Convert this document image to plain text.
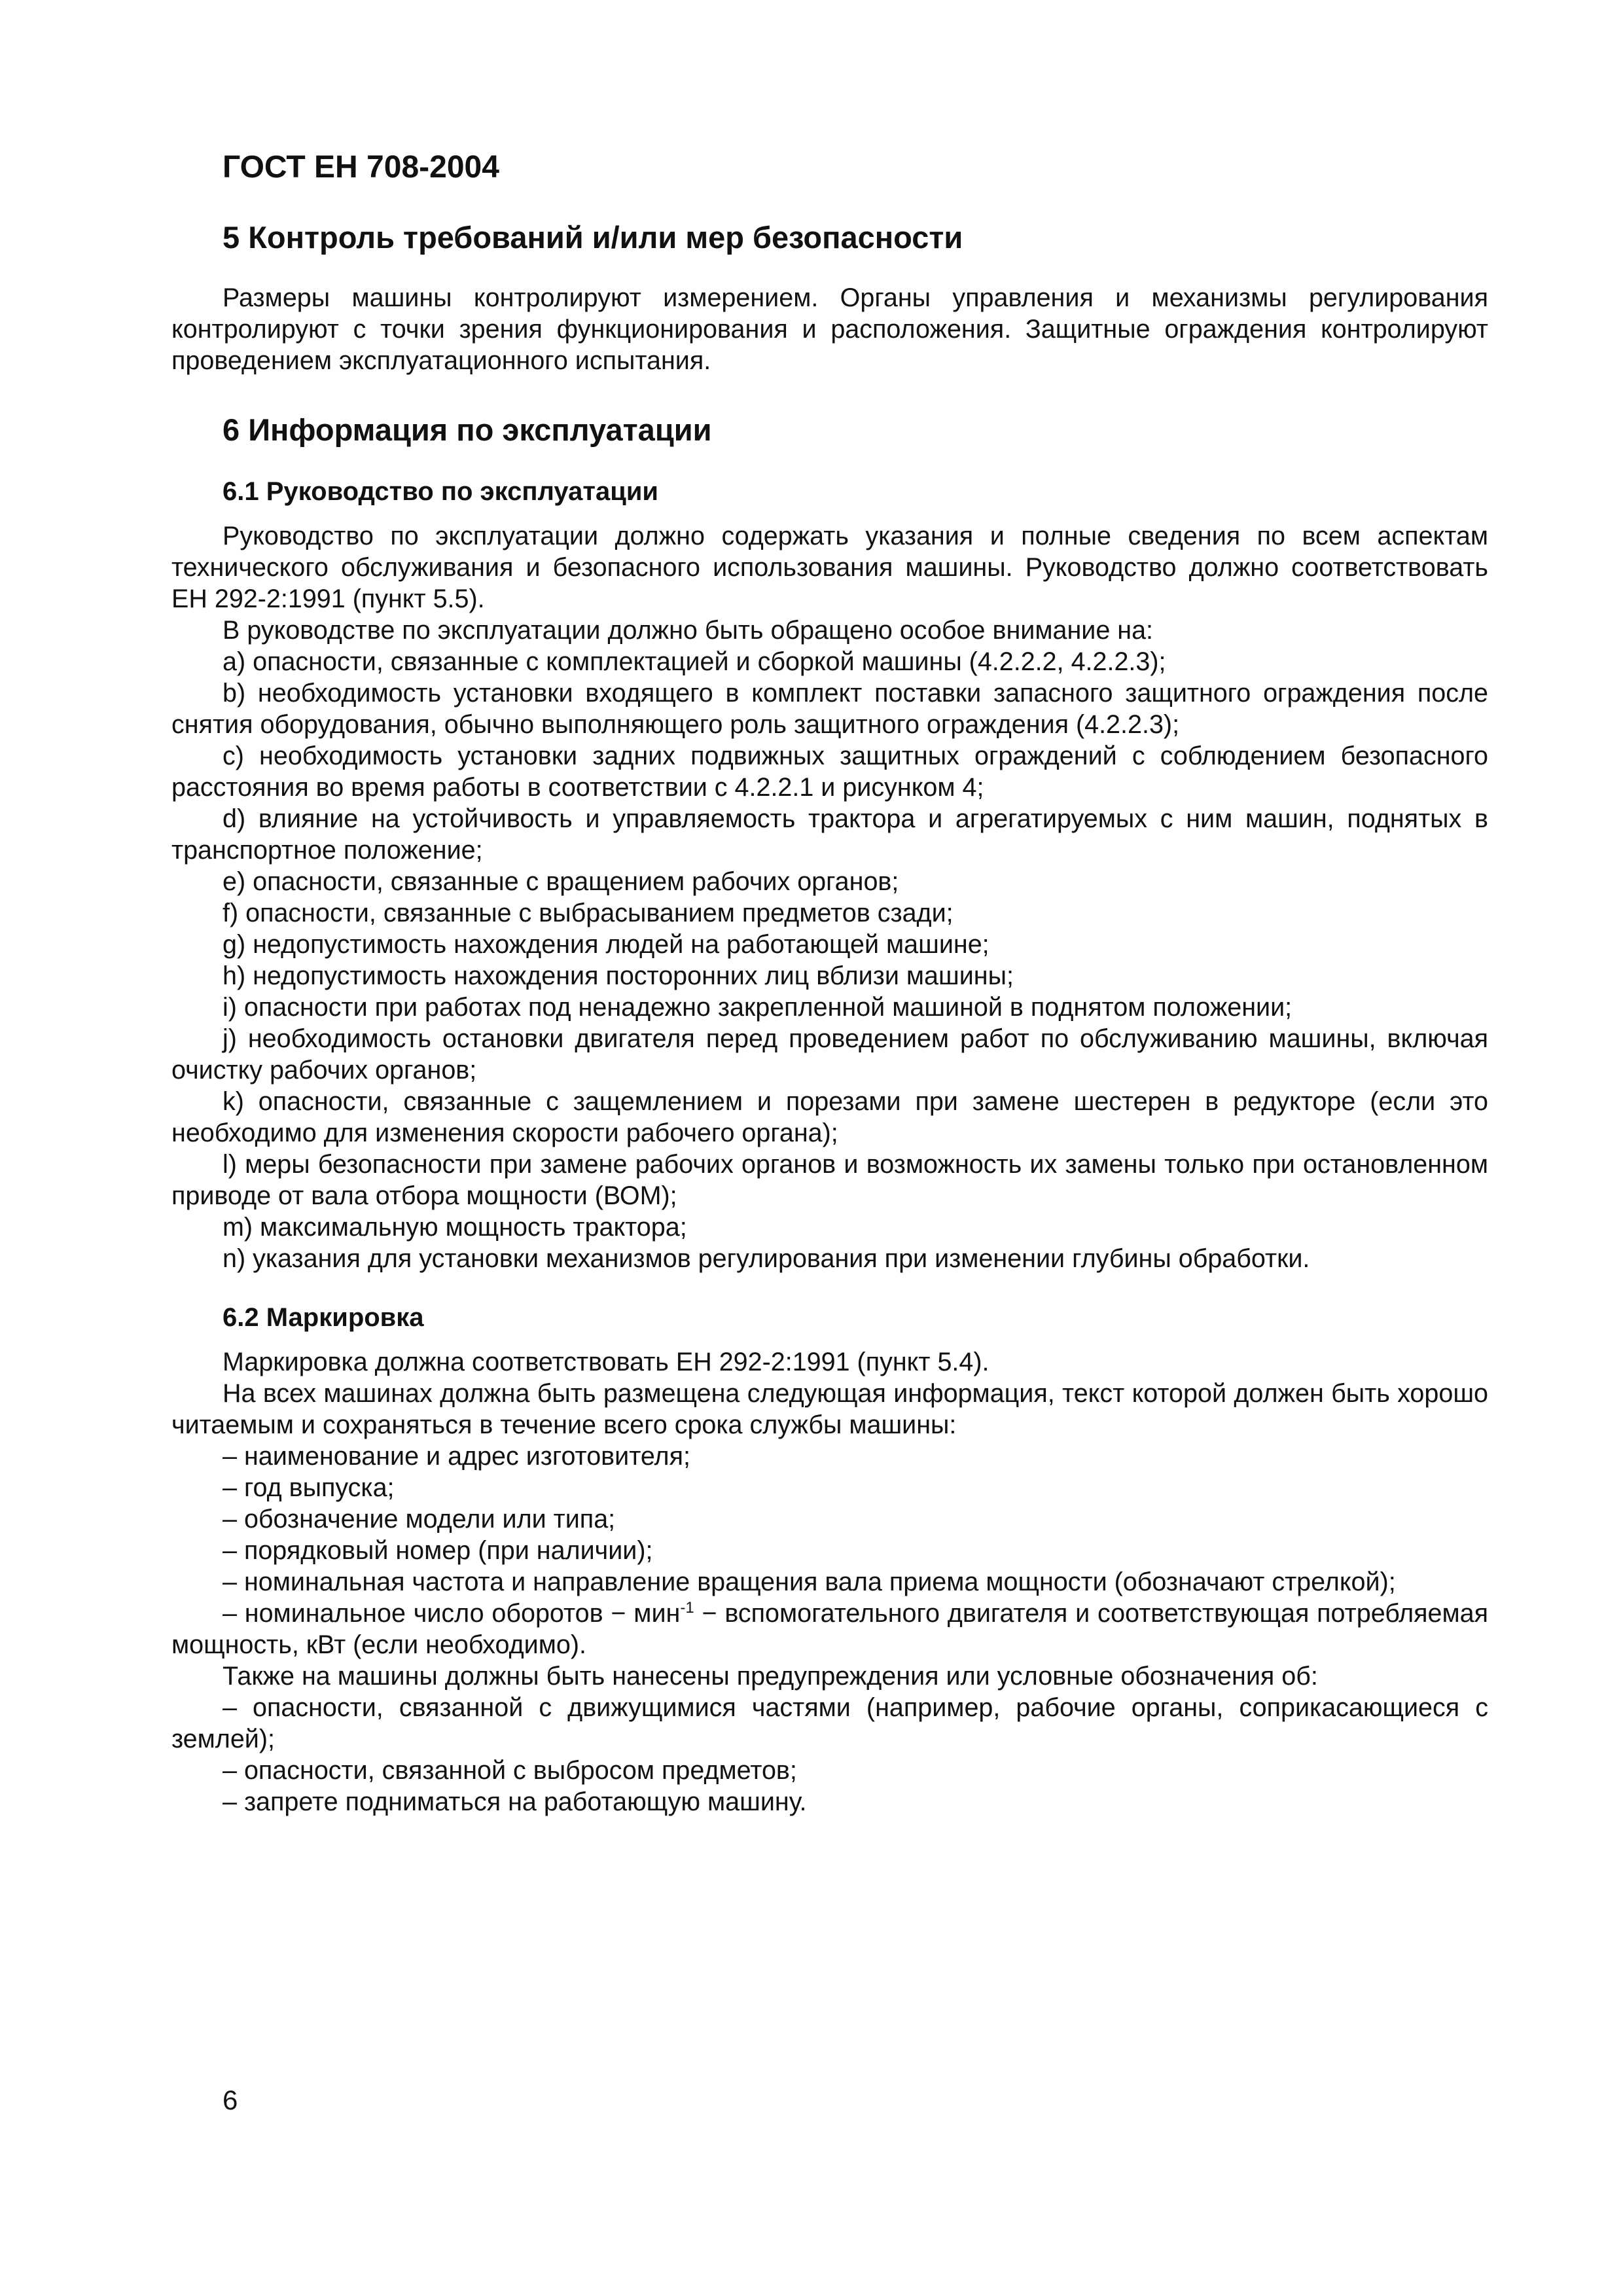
ГОСТ ЕН 708-2004

5 Контроль требований и/или мер безопасности

Размеры машины контролируют измерением. Органы управления и механизмы регулирования контролируют с точки зрения функционирования и расположения. Защитные ограждения контролируют проведением эксплуатационного испытания.

6 Информация по эксплуатации
6.1 Руководство по эксплуатации

Руководство по эксплуатации должно содержать указания и полные сведения по всем аспектам технического обслуживания и безопасного использования машины. Руководство должно соответствовать ЕН 292-2:1991 (пункт 5.5).

В руководстве по эксплуатации должно быть обращено особое внимание на:

a) опасности, связанные с комплектацией и сборкой машины (4.2.2.2, 4.2.2.3);

b) необходимость установки входящего в комплект поставки запасного защитного ограждения после снятия оборудования, обычно выполняющего роль защитного ограждения (4.2.2.3);

c) необходимость установки задних подвижных защитных ограждений с соблюдением безопасного расстояния во время работы в соответствии с 4.2.2.1 и рисунком 4;

d) влияние на устойчивость и управляемость трактора и агрегатируемых с ним машин, поднятых в транспортное положение;

e) опасности, связанные с вращением рабочих органов;

f) опасности, связанные с выбрасыванием предметов сзади;

g) недопустимость нахождения людей на работающей машине;

h) недопустимость нахождения посторонних лиц вблизи машины;

i) опасности при работах под ненадежно закрепленной машиной в поднятом положении;

j) необходимость остановки двигателя перед проведением работ по обслуживанию машины, включая очистку рабочих органов;

k) опасности, связанные с защемлением и порезами при замене шестерен в редукторе (если это необходимо для изменения скорости рабочего органа);

l) меры безопасности при замене рабочих органов и возможность их замены только при остановленном приводе от вала отбора мощности (ВОМ);

m) максимальную мощность трактора;

n) указания для установки механизмов регулирования при изменении глубины обработки.

6.2 Маркировка

Маркировка должна соответствовать ЕН 292-2:1991 (пункт 5.4).

На всех машинах должна быть размещена следующая информация, текст которой должен быть хорошо читаемым и сохраняться в течение всего срока службы машины:

– наименование и адрес изготовителя;

– год выпуска;

– обозначение модели или типа;

– порядковый номер (при наличии);

– номинальная частота и направление вращения вала приема мощности (обозначают стрелкой);

– номинальное число оборотов − мин$^{-1}$ − вспомогательного двигателя и соответствующая потребляемая мощность, кВт (если необходимо).

Также на машины должны быть нанесены предупреждения или условные обозначения об:

– опасности, связанной с движущимися частями (например, рабочие органы, соприкасающиеся с землей);

– опасности, связанной с выбросом предметов;

– запрете подниматься на работающую машину.

6
